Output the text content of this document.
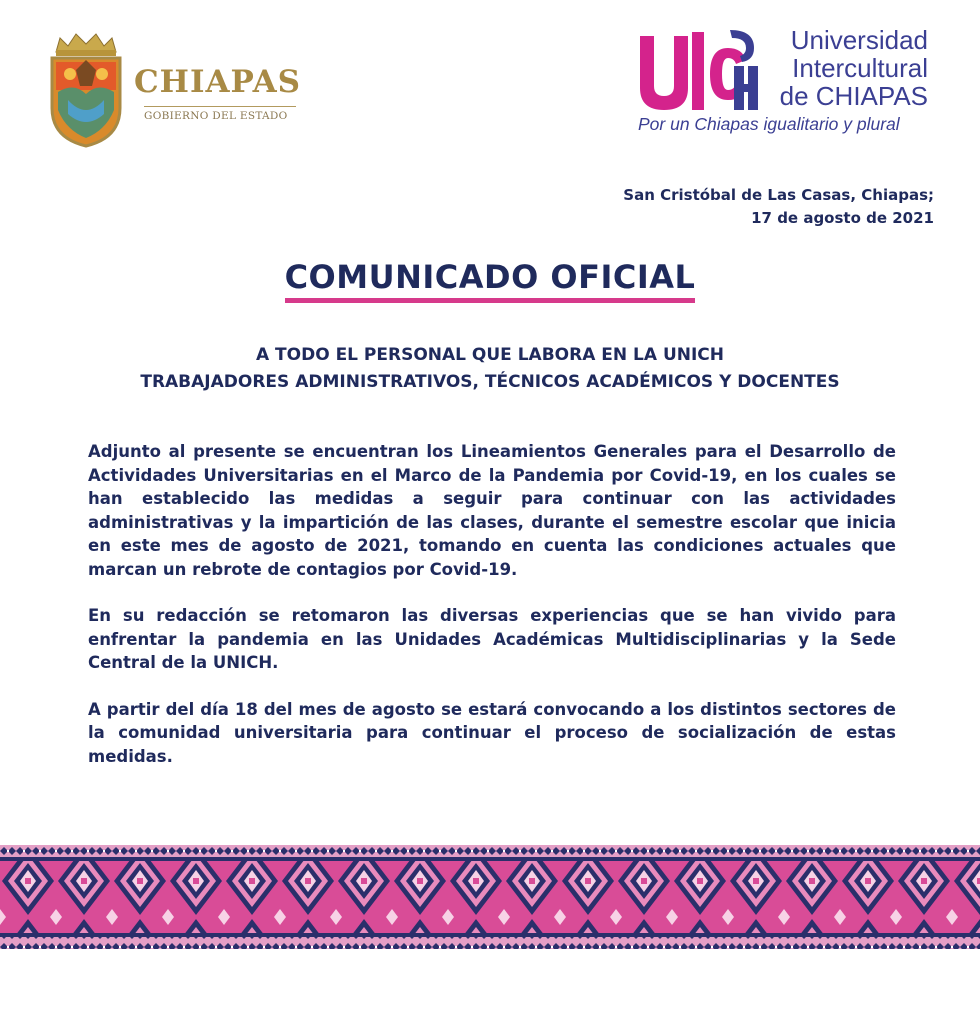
CHIAPAS
GOBIERNO DEL ESTADO
Universidad
Intercultural
de CHIAPAS
Por un Chiapas igualitario y plural
San Cristóbal de Las Casas, Chiapas;
17 de agosto de 2021
COMUNICADO OFICIAL
A TODO EL PERSONAL QUE LABORA EN LA UNICH
TRABAJADORES ADMINISTRATIVOS, TÉCNICOS ACADÉMICOS Y DOCENTES

Adjunto al presente se encuentran los Lineamientos Generales para el Desarrollo de Actividades Universitarias en el Marco de la Pandemia por Covid-19, en los cuales se han establecido las medidas a seguir para continuar con las actividades administrativas y la impartición de las clases, durante el semestre escolar que inicia en este mes de agosto de 2021, tomando en cuenta las condiciones actuales que marcan un rebrote de contagios por Covid-19.

En su redacción se retomaron las diversas experiencias que se han vivido para enfrentar la pandemia en las Unidades Académicas Multidisciplinarias y la Sede Central de la UNICH.

A partir del día 18 del mes de agosto se estará convocando a los distintos sectores de la comunidad universitaria para continuar el proceso de socialización de estas medidas.
